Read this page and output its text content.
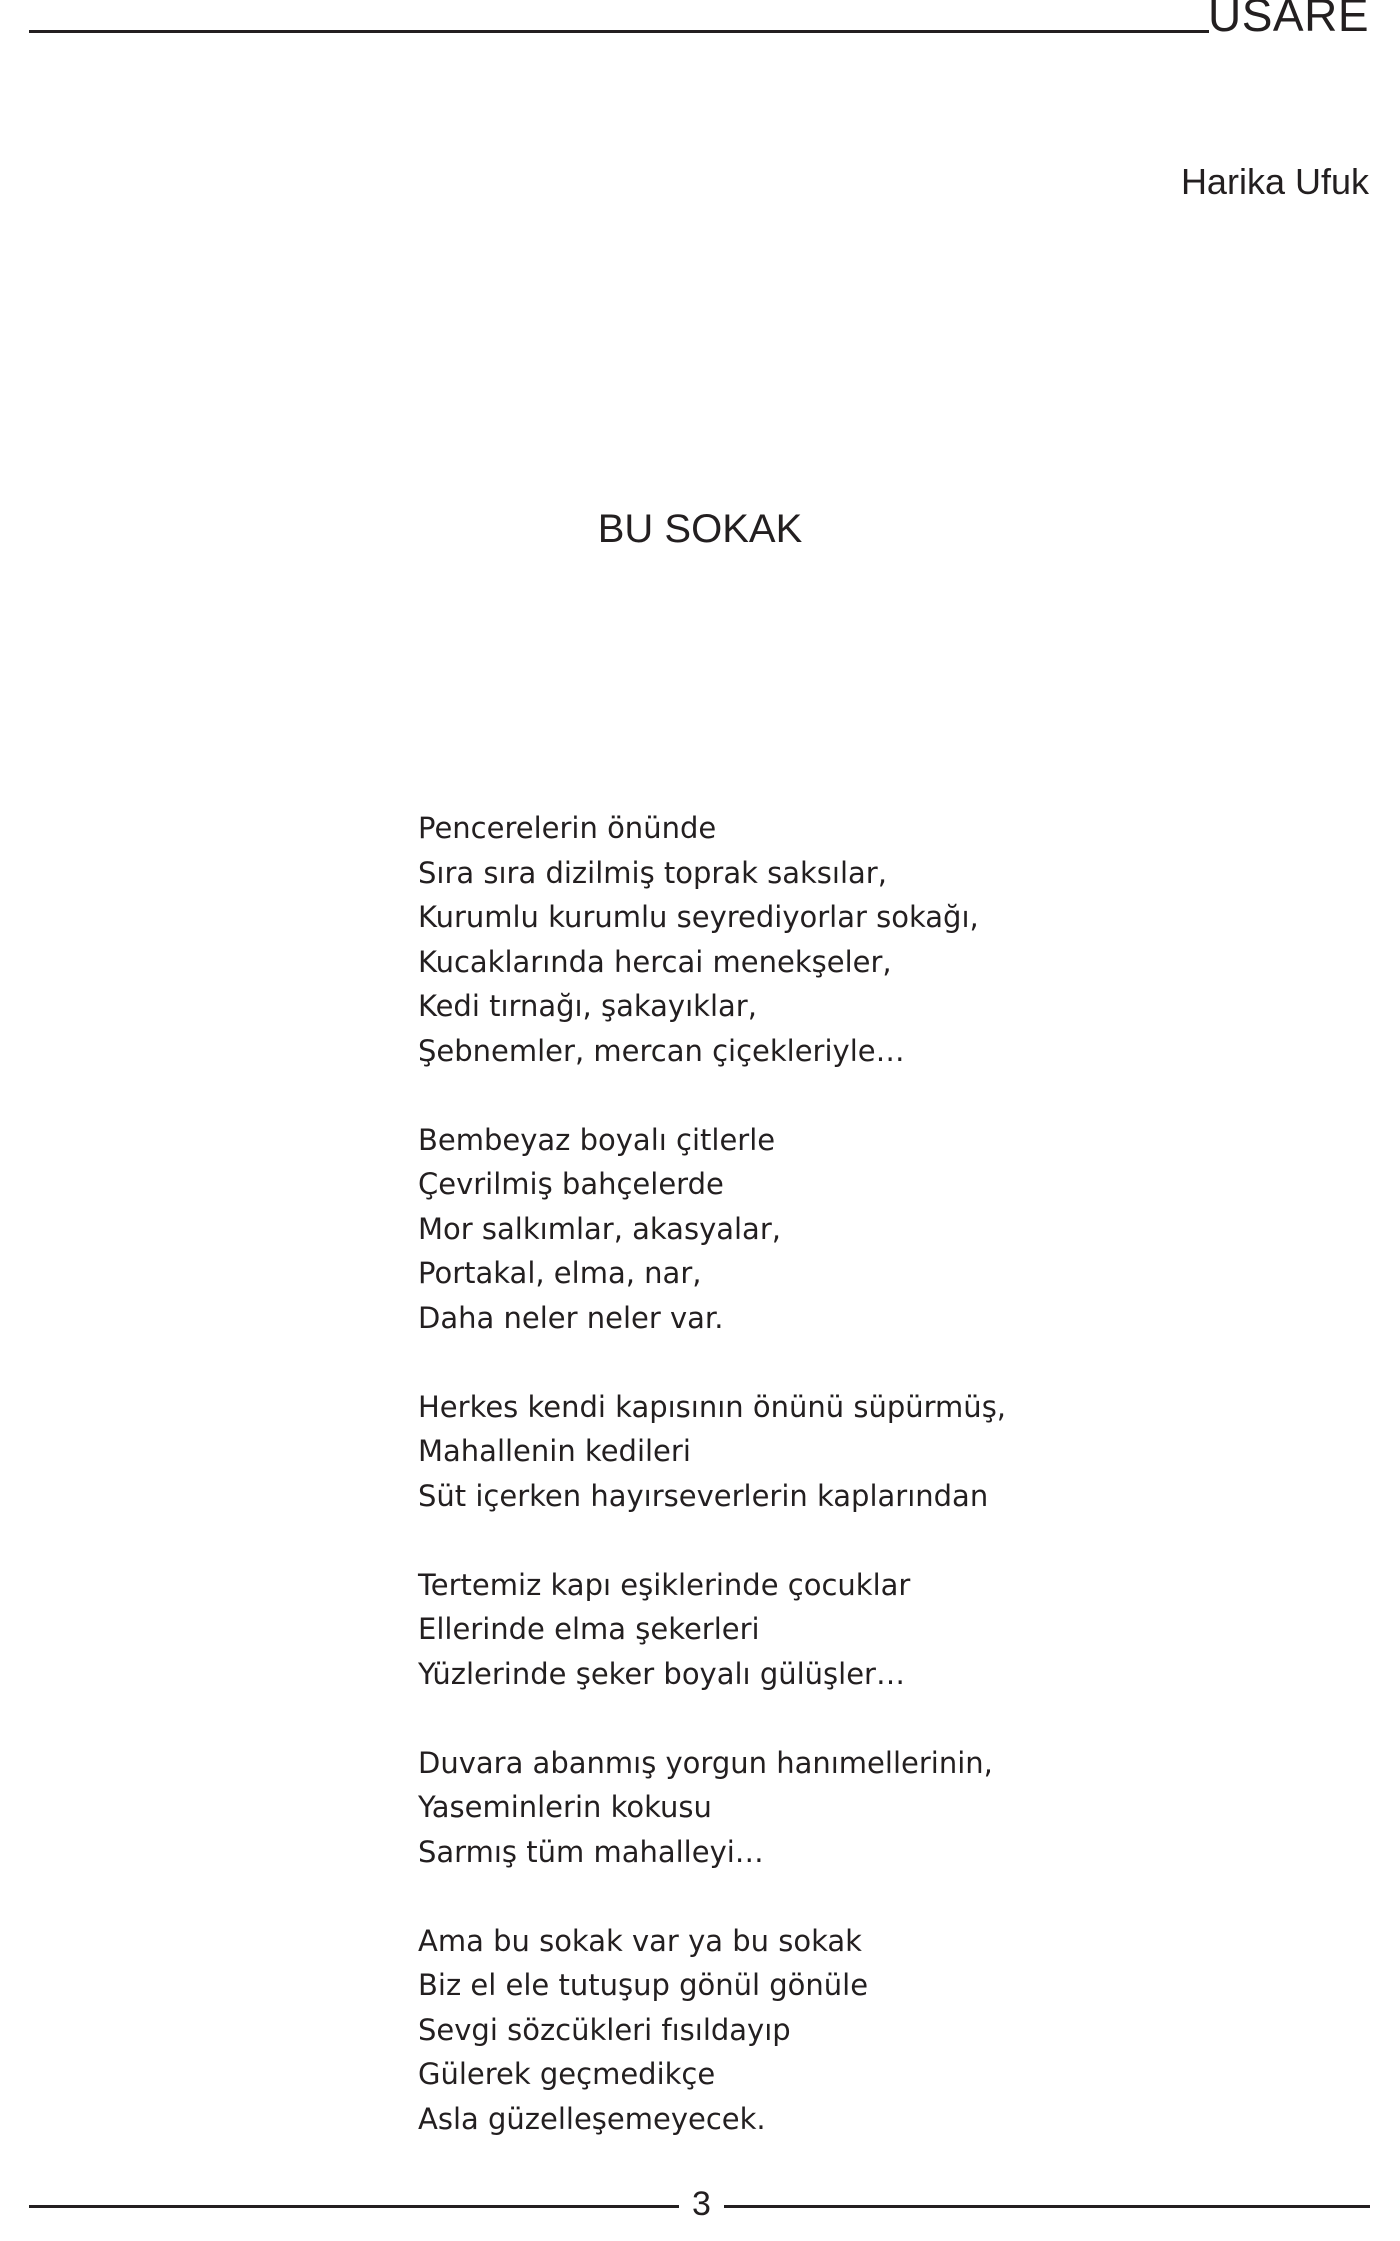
USARE
Harika Ufuk
BU SOKAK
Pencerelerin önünde
Sıra sıra dizilmiş toprak saksılar,
Kurumlu kurumlu seyrediyorlar sokağı,
Kucaklarında hercai menekşeler,
Kedi tırnağı, şakayıklar,
Şebnemler, mercan çiçekleriyle…
Bembeyaz boyalı çitlerle
Çevrilmiş bahçelerde
Mor salkımlar, akasyalar,
Portakal, elma, nar,
Daha neler neler var.
Herkes kendi kapısının önünü süpürmüş,
Mahallenin kedileri
Süt içerken hayırseverlerin kaplarından
Tertemiz kapı eşiklerinde çocuklar
Ellerinde elma şekerleri
Yüzlerinde şeker boyalı gülüşler…
Duvara abanmış yorgun hanımellerinin,
Yaseminlerin kokusu
Sarmış tüm mahalleyi…
Ama bu sokak var ya bu sokak
Biz el ele tutuşup gönül gönüle
Sevgi sözcükleri fısıldayıp
Gülerek geçmedikçe
Asla güzelleşemeyecek.
3
